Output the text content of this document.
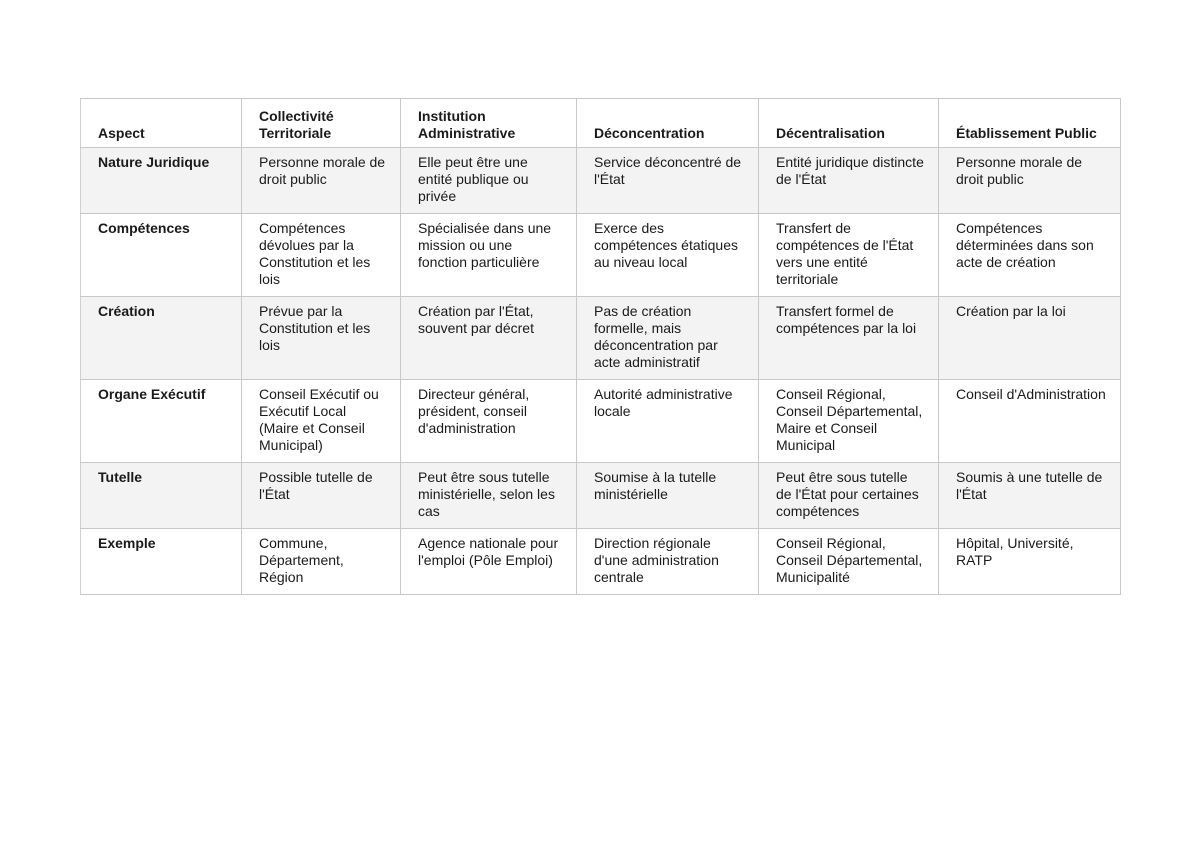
Aspect	Collectivité Territoriale	Institution Administrative	Déconcentration	Décentralisation	Établissement Public
Nature Juridique	Personne morale de droit public	Elle peut être une entité publique ou privée	Service déconcentré de l'État	Entité juridique distincte de l'État	Personne morale de droit public
Compétences	Compétences dévolues par la Constitution et les lois	Spécialisée dans une mission ou une fonction particulière	Exerce des compétences étatiques au niveau local	Transfert de compétences de l'État vers une entité territoriale	Compétences déterminées dans son acte de création
Création	Prévue par la Constitution et les lois	Création par l'État, souvent par décret	Pas de création formelle, mais déconcentration par acte administratif	Transfert formel de compétences par la loi	Création par la loi
Organe Exécutif	Conseil Exécutif ou Exécutif Local (Maire et Conseil Municipal)	Directeur général, président, conseil d'administration	Autorité administrative locale	Conseil Régional, Conseil Départemental, Maire et Conseil Municipal	Conseil d'Administration
Tutelle	Possible tutelle de l'État	Peut être sous tutelle ministérielle, selon les cas	Soumise à la tutelle ministérielle	Peut être sous tutelle de l'État pour certaines compétences	Soumis à une tutelle de l'État
Exemple	Commune, Département, Région	Agence nationale pour l'emploi (Pôle Emploi)	Direction régionale d'une administration centrale	Conseil Régional, Conseil Départemental, Municipalité	Hôpital, Université, RATP
